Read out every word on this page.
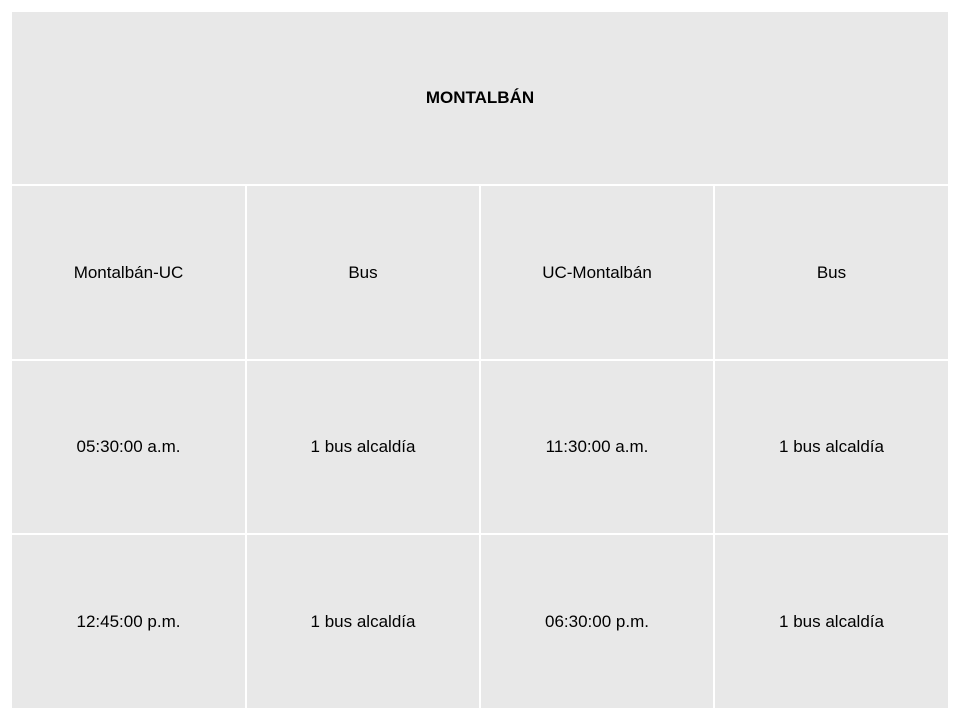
MONTALBÁN			
Montalbán-UC	Bus	UC-Montalbán	Bus
05:30:00 a.m.	1 bus alcaldía	11:30:00 a.m.	1 bus alcaldía
12:45:00 p.m.	1 bus alcaldía	06:30:00 p.m.	1 bus alcaldía
